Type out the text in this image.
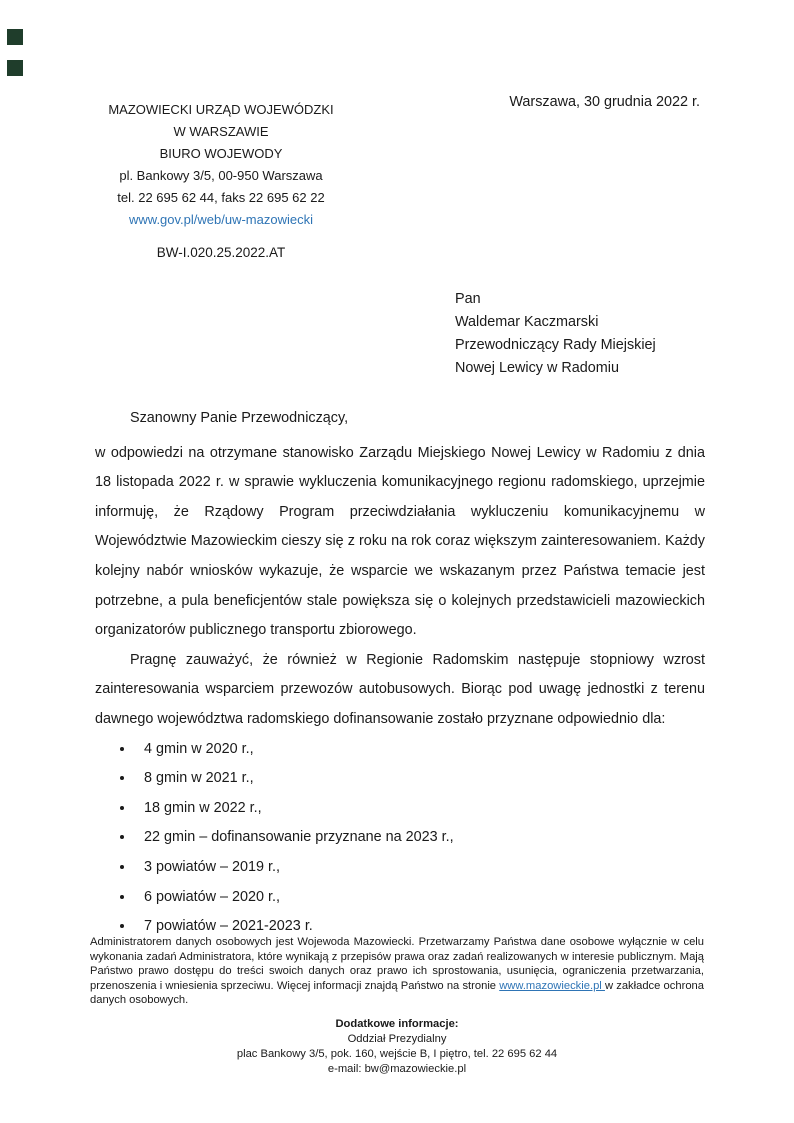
MAZOWIECKI URZĄD WOJEWÓDZKI
W WARSZAWIE
BIURO WOJEWODY
pl. Bankowy 3/5, 00-950 Warszawa
tel. 22 695 62 44, faks 22 695 62 22
www.gov.pl/web/uw-mazowiecki
BW-I.020.25.2022.AT
Warszawa, 30 grudnia 2022 r.
Pan
Waldemar Kaczmarski
Przewodniczący Rady Miejskiej
Nowej Lewicy w Radomiu
Szanowny Panie Przewodniczący,

w odpowiedzi na otrzymane stanowisko Zarządu Miejskiego Nowej Lewicy w Radomiu z dnia 18 listopada 2022 r. w sprawie wykluczenia komunikacyjnego regionu radomskiego, uprzejmie informuję, że Rządowy Program przeciwdziałania wykluczeniu komunikacyjnemu w Województwie Mazowieckim cieszy się z roku na rok coraz większym zainteresowaniem. Każdy kolejny nabór wniosków wykazuje, że wsparcie we wskazanym przez Państwa temacie jest potrzebne, a pula beneficjentów stale powiększa się o kolejnych przedstawicieli mazowieckich organizatorów publicznego transportu zbiorowego.

Pragnę zauważyć, że również w Regionie Radomskim następuje stopniowy wzrost zainteresowania wsparciem przewozów autobusowych. Biorąc pod uwagę jednostki z terenu dawnego województwa radomskiego dofinansowanie zostało przyznane odpowiednio dla:

• 4 gmin w 2020 r.,
• 8 gmin w 2021 r.,
• 18 gmin w 2022 r.,
• 22 gmin – dofinansowanie przyznane na 2023 r.,
• 3 powiatów – 2019 r.,
• 6 powiatów – 2020 r.,
• 7 powiatów – 2021-2023 r.

Administratorem danych osobowych jest Wojewoda Mazowiecki. Przetwarzamy Państwa dane osobowe wyłącznie w celu wykonania zadań Administratora, które wynikają z przepisów prawa oraz zadań realizowanych w interesie publicznym. Mają Państwo prawo dostępu do treści swoich danych oraz prawo ich sprostowania, usunięcia, ograniczenia przetwarzania, przenoszenia i wniesienia sprzeciwu. Więcej informacji znajdą Państwo na stronie www.mazowieckie.pl w zakładce ochrona danych osobowych.

Dodatkowe informacje:
Oddział Prezydialny
plac Bankowy 3/5, pok. 160, wejście B, I piętro, tel. 22 695 62 44
e-mail: bw@mazowieckie.pl
